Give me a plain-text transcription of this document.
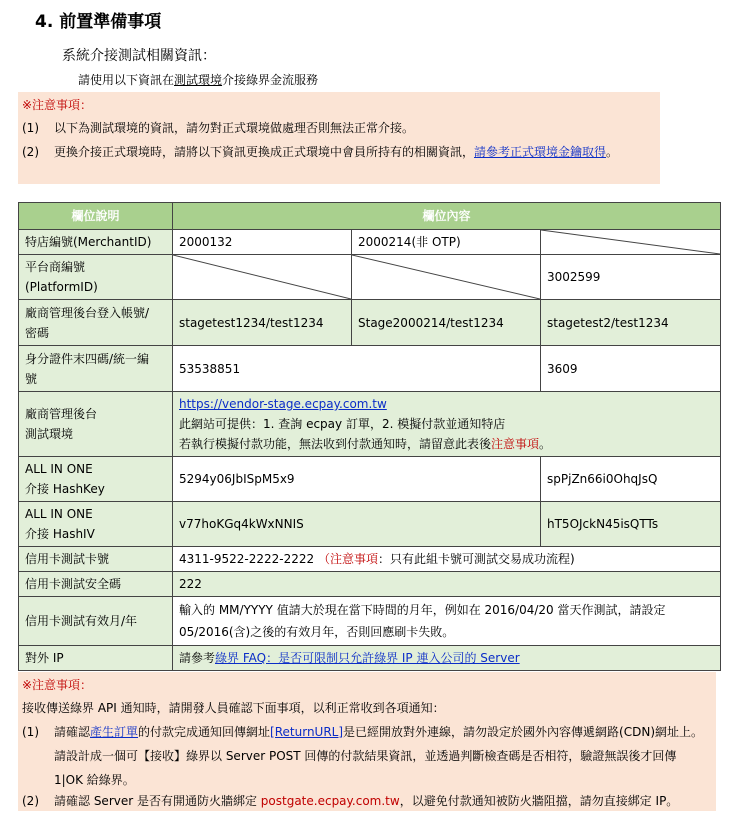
4. 前置準備事項
系統介接測試相關資訊：
請使用以下資訊在測試環境介接綠界金流服務
※注意事項：
(1) 以下為測試環境的資訊，請勿對正式環境做處理否則無法正常介接。
(2) 更換介接正式環境時，請將以下資訊更換成正式環境中會員所持有的相關資訊，請參考正式環境金鑰取得。
欄位說明	欄位內容		
特店編號(MerchantID)	2000132	2000214(非 OTP)	

平台商編號
(PlatformID)			3002599
廠商管理後台登入帳號/
密碼	stagetest1234/test1234	Stage2000214/test1234	stagetest2/test1234
身分證件末四碼/統一編
號	53538851		3609
廠商管理後台
測試環境	https://vendor-stage.ecpay.com.tw
此網站可提供：1. 查詢 ecpay 訂單，2. 模擬付款並通知特店
若執行模擬付款功能，無法收到付款通知時，請留意此表後注意事項。		
ALL IN ONE
介接 HashKey	5294y06JbISpM5x9		spPjZn66i0OhqJsQ
ALL IN ONE
介接 HashIV	v77hoKGq4kWxNNIS		hT5OJckN45isQTTs
信用卡測試卡號	4311-9522-2222-2222 （注意事項：只有此組卡號可測試交易成功流程)		
信用卡測試安全碼	222		
信用卡測試有效月/年	輸入的 MM/YYYY 值請大於現在當下時間的月年，例如在 2016/04/20 當天作測試，請設定 05/2016(含)之後的有效月年，否則回應刷卡失敗。		
對外 IP	請參考綠界 FAQ：是否可限制只允許綠界 IP 連入公司的 Server		
※注意事項：
接收傳送綠界 API 通知時，請開發人員確認下面事項，以利正常收到各項通知：
(1) 請確認產生訂單的付款完成通知回傳網址[ReturnURL]是已經開放對外連線，請勿設定於國外內容傳遞網路(CDN)網址上。請設計成一個可【接收】綠界以 Server POST 回傳的付款結果資訊，並透過判斷檢查碼是否相符，驗證無誤後才回傳 1|OK 給綠界。
(2) 請確認 Server 是否有開通防火牆綁定 postgate.ecpay.com.tw，以避免付款通知被防火牆阻擋，請勿直接綁定 IP。
